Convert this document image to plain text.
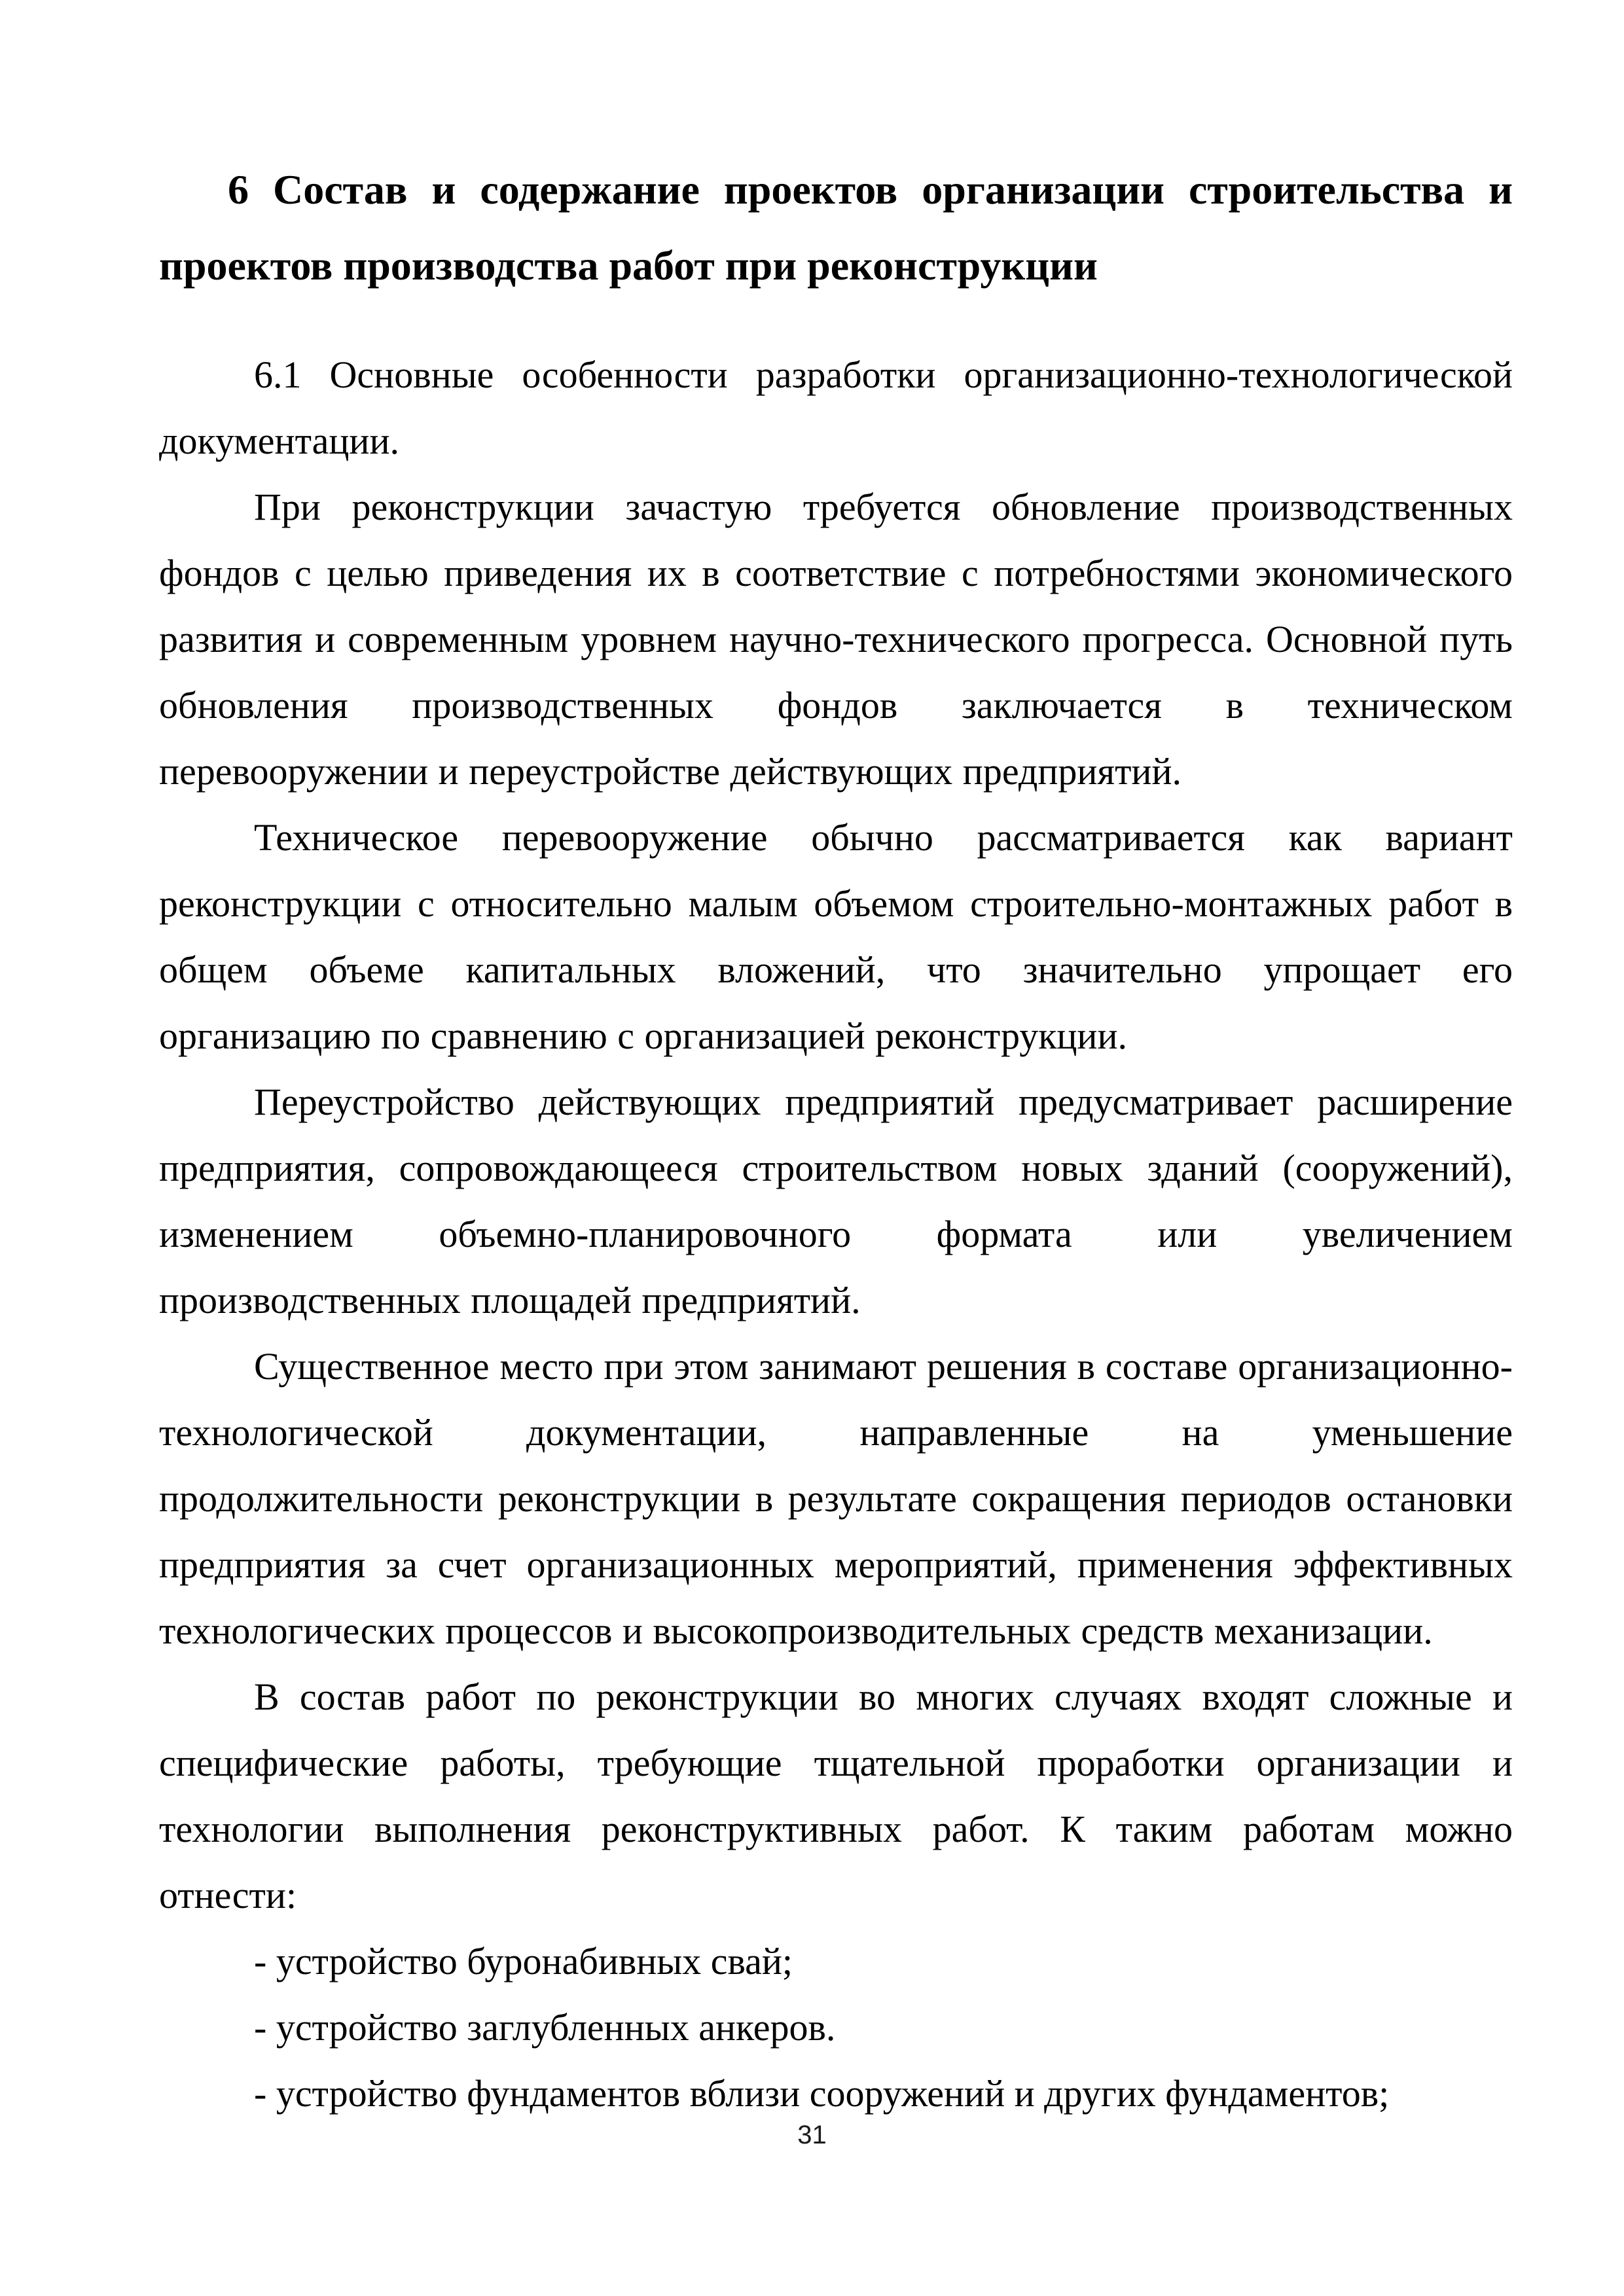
6 Состав и содержание проектов организации строительства и проектов производства работ при реконструкции

6.1 Основные особенности разработки организационно-технологической документации.

При реконструкции зачастую требуется обновление производственных фондов с целью приведения их в соответствие с потребностями экономического развития и современным уровнем научно-технического прогресса. Основной путь обновления производственных фондов заключается в техническом перевооружении и переустройстве действующих предприятий.

Техническое перевооружение обычно рассматривается как вариант реконструкции с относительно малым объемом строительно-монтажных работ в общем объеме капитальных вложений, что значительно упрощает его организацию по сравнению с организацией реконструкции.

Переустройство действующих предприятий предусматривает расширение предприятия, сопровождающееся строительством новых зданий (сооружений), изменением объемно-планировочного формата или увеличением производственных площадей предприятий.

Существенное место при этом занимают решения в составе организационно-технологической документации, направленные на уменьшение продолжительности реконструкции в результате сокращения периодов остановки предприятия за счет организационных мероприятий, применения эффективных технологических процессов и высокопроизводительных средств механизации.

В состав работ по реконструкции во многих случаях входят сложные и специфические работы, требующие тщательной проработки организации и технологии выполнения реконструктивных работ. К таким работам можно отнести:

- устройство буронабивных свай;

- устройство заглубленных анкеров.

- устройство фундаментов вблизи сооружений и других фундаментов;

31
